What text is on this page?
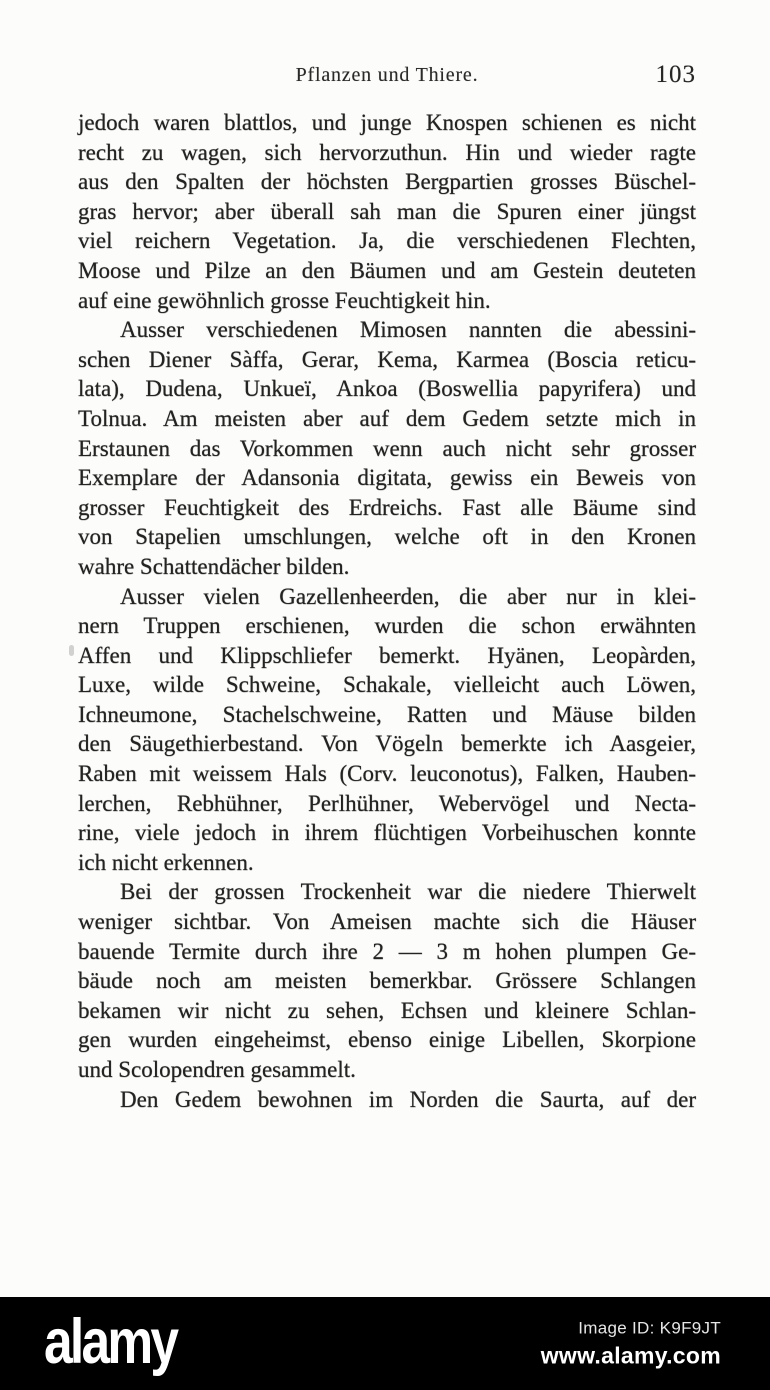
Pflanzen und Thiere.	103
jedoch waren blattlos, und junge Knospen schienen es nicht
recht zu wagen, sich hervorzuthun. Hin und wieder ragte
aus den Spalten der höchsten Bergpartien grosses Büschel-
gras hervor; aber überall sah man die Spuren einer jüngst
viel reichern Vegetation. Ja, die verschiedenen Flechten,
Moose und Pilze an den Bäumen und am Gestein deuteten
auf eine gewöhnlich grosse Feuchtigkeit hin.
Ausser verschiedenen Mimosen nannten die abessini-
schen Diener Sàffa, Gerar, Kema, Karmea (Boscia reticu-
lata), Dudena, Unkueï, Ankoa (Boswellia papyrifera) und
Tolnua. Am meisten aber auf dem Gedem setzte mich in
Erstaunen das Vorkommen wenn auch nicht sehr grosser
Exemplare der Adansonia digitata, gewiss ein Beweis von
grosser Feuchtigkeit des Erdreichs. Fast alle Bäume sind
von Stapelien umschlungen, welche oft in den Kronen
wahre Schattendächer bilden.
Ausser vielen Gazellenheerden, die aber nur in klei-
nern Truppen erschienen, wurden die schon erwähnten
Affen und Klippschliefer bemerkt. Hyänen, Leopàrden,
Luxe, wilde Schweine, Schakale, vielleicht auch Löwen,
Ichneumone, Stachelschweine, Ratten und Mäuse bilden
den Säugethierbestand. Von Vögeln bemerkte ich Aasgeier,
Raben mit weissem Hals (Corv. leuconotus), Falken, Hauben-
lerchen, Rebhühner, Perlhühner, Webervögel und Necta-
rine, viele jedoch in ihrem flüchtigen Vorbeihuschen konnte
ich nicht erkennen.
Bei der grossen Trockenheit war die niedere Thierwelt
weniger sichtbar. Von Ameisen machte sich die Häuser
bauende Termite durch ihre 2 — 3 m hohen plumpen Ge-
bäude noch am meisten bemerkbar. Grössere Schlangen
bekamen wir nicht zu sehen, Echsen und kleinere Schlan-
gen wurden eingeheimst, ebenso einige Libellen, Skorpione
und Scolopendren gesammelt.
Den Gedem bewohnen im Norden die Saurta, auf der
alamy	Image ID: K9F9JT
www.alamy.com
